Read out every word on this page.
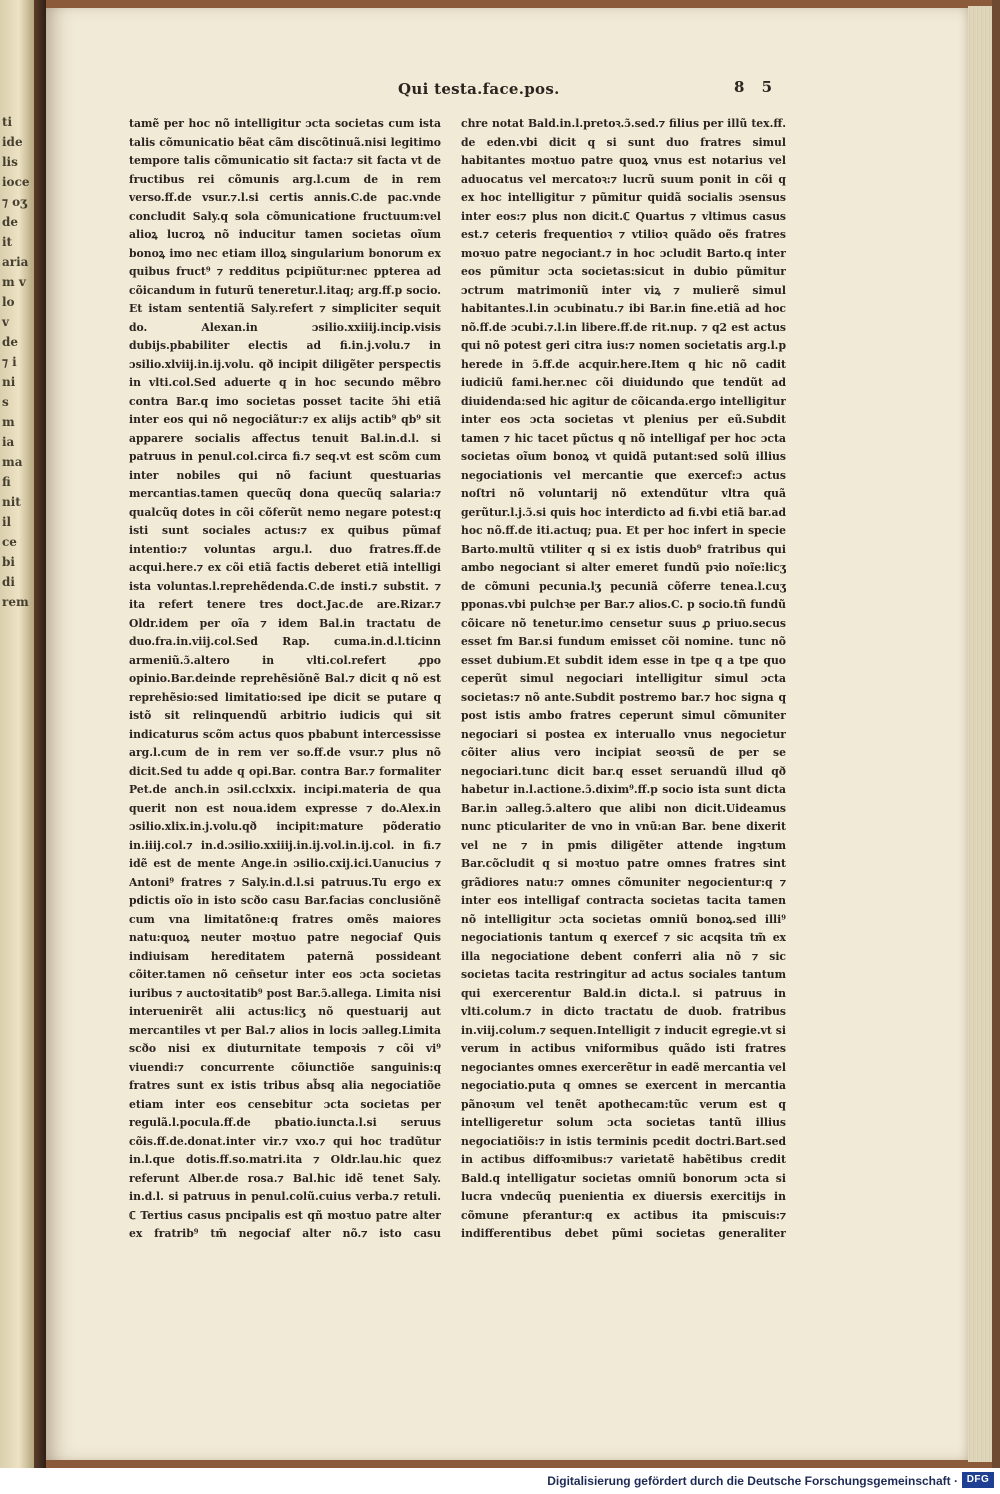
ti
ide
lis
ioce
⁊ oʒ
de
it
aria
m v
lo
v
de
⁊ i
ni
s
m
ia
ma
fi
nit
il
ce
bi
di
rem
Qui testa.face.pos.	8 5
tamẽ per hoc nõ intelligitur ɔcta societas cum ista talis cõmunicatio bẽat cãm discõtinuã.nisi legitimo tempore talis cõmunicatio sit facta:⁊ sit facta vt de fructibus rei cõmunis arg.l.cum de in rem verso.ff.de vsur.⁊.l.si certis annis.C.de pac.vnde concludit Saly.q sola cõmunicatione fructuum:vel alioꝝ lucroꝝ nõ inducitur tamen societas oĩum bonoꝝ imo nec etiam illoꝝ singularium bonorum ex quibus fruct⁹ ⁊ redditus pcipiũtur:nec ppterea ad cõicandum in futurũ teneretur.l.itaq; arg.ff.p socio. Et istam sententiã Saly.refert ⁊ simpliciter sequit do. Alexan.in ɔsilio.xxiiij.incip.visis dubijs.pbabiliter electis ad fi.in.j.volu.⁊ in ɔsilio.xlviij.in.ij.volu. qð incipit diligẽter perspectis in vlti.col.Sed aduerte q in hoc secundo mẽbro contra Bar.q imo societas posset tacite ɔ̃hi etiã inter eos qui nõ negociãtur:⁊ ex alijs actib⁹ qb⁹ sit apparere socialis affectus tenuit Bal.in.d.l. si patruus in penul.col.circa fi.⁊ seq.vt est scõm cum inter nobiles qui nõ faciunt questuarias mercantias.tamen quecũq dona quecũq salaria:⁊ qualcũq dotes in cõi cõferũt nemo negare potest:q isti sunt sociales actus:⁊ ex quibus pũmaf intentio:⁊ voluntas argu.l. duo fratres.ff.de acqui.here.⁊ ex cõi etiã factis deberet etiã intelligi ista voluntas.l.reprehẽdenda.C.de insti.⁊ substit. ⁊ ita refert tenere tres doct.Jac.de are.Rizar.⁊ Oldr.idem per oĩa ⁊ idem Bal.in tractatu de duo.fra.in.viij.col.Sed Rap. cuma.in.d.l.ticinn armeniũ.ɔ̃.altero in vlti.col.refert ꝓpo opinio.Bar.deinde reprehẽsiõnẽ Bal.⁊ dicit q nõ est reprehẽsio:sed limitatio:sed ipe dicit se putare q istõ sit relinquendũ arbitrio iudicis qui sit indicaturus scõm actus quos pbabunt intercessisse arg.l.cum de in rem ver so.ff.de vsur.⁊ plus nõ dicit.Sed tu adde q opi.Bar. contra Bar.⁊ formaliter Pet.de anch.in ɔsil.cclxxix. incipi.materia de qua querit non est noua.idem expresse ⁊ do.Alex.in ɔsilio.xlix.in.j.volu.qð incipit:mature põderatio in.iiij.col.⁊ in.d.ɔsilio.xxiiij.in.ij.vol.in.ij.col. in fi.⁊ idẽ est de mente Ange.in ɔsilio.cxij.ici.Uanucius ⁊ Antoni⁹ fratres ⁊ Saly.in.d.l.si patruus.Tu ergo ex pdictis oĩo in isto scðo casu Bar.facias conclusiõnẽ cum vna limitatõne:q fratres omẽs maiores natu:quoꝝ neuter moꝛtuo patre negociaf Quis indiuisam hereditatem paternã possideant cõiter.tamen nõ cen̄setur inter eos ɔcta societas iuribus ⁊ auctoꝛitatib⁹ post Bar.ɔ̃.allega. Limita nisi interuenirẽt alii actus:licʒ nõ questuarij aut mercantiles vt per Bal.⁊ alios in locis ɔalleg.Limita scðo nisi ex diuturnitate tempoꝛis ⁊ cõi vi⁹ viuendi:⁊ concurrente cõiunctiõe sanguinis:q fratres sunt ex istis tribus ab̃sq alia negociatiõe etiam inter eos censebitur ɔcta societas per regulã.l.pocula.ff.de pbatio.iuncta.l.si seruus cõis.ff.de.donat.inter vir.⁊ vxo.⁊ qui hoc tradũtur in.l.que dotis.ff.so.matri.ita ⁊ Oldr.lau.hic quez referunt Alber.de rosa.⁊ Bal.hic idẽ tenet Saly. in.d.l. si patruus in penul.colũ.cuius verba.⁊ retuli. ℂ Tertius casus pncipalis est qñ moꝛtuo patre alter ex fratrib⁹ tm̃ negociaf alter nõ.⁊ isto casu
chre notat Bald.in.l.pretoꝛ.ɔ̃.sed.⁊ filius per illũ tex.ff. de eden.vbi dicit q si sunt duo fratres simul habitantes moꝛtuo patre quoꝝ vnus est notarius vel aduocatus vel mercatoꝛ:⁊ lucrũ suum ponit in cõi q ex hoc intelligitur ⁊ pũmitur quidã socialis ɔsensus inter eos:⁊ plus non dicit.ℂ Quartus ⁊ vltimus casus est.⁊ ceteris frequentioꝛ ⁊ vtilioꝛ quãdo oẽs fratres moꝛuo patre negociant.⁊ in hoc ɔcludit Barto.q inter eos pũmitur ɔcta societas:sicut in dubio pũmitur ɔctrum matrimoniũ inter viꝝ ⁊ mulierẽ simul habitantes.l.in ɔcubinatu.⁊ ibi Bar.in fine.etiã ad hoc nõ.ff.de ɔcubi.⁊.l.in libere.ff.de rit.nup. ⁊ q2 est actus qui nõ potest geri citra ius:⁊ nomen societatis arg.l.p herede in ɔ̃.ff.de acquir.here.Item q hic nõ cadit iudiciũ fami.her.nec cõi diuidundo que tendũt ad diuidenda:sed hic agitur de cõicanda.ergo intelligitur inter eos ɔcta societas vt plenius per eũ.Subdit tamen ⁊ hic tacet pũctus q nõ intelligaf per hoc ɔcta societas oĩum bonoꝝ vt quidã putant:sed solũ illius negociationis vel mercantie que exercef:ɔ actus noſtri nõ voluntarij nõ extendũtur vltra quã gerũtur.l.j.ɔ̃.si quis hoc interdicto ad fi.vbi etiã bar.ad hoc nõ.ff.de iti.actuq; pua. Et per hoc infert in specie Barto.multũ vtiliter q si ex istis duob⁹ fratribus qui ambo negociant si alter emeret fundũ pꝛio noĩe:licʒ de cõmuni pecunia.lʒ pecuniã cõferre tenea.l.cuʒ pponas.vbi pulchꝛe per Bar.⁊ alios.C. p socio.tñ fundũ cõicare nõ tenetur.imo censetur suus ꝓ priuo.secus esset fm Bar.si fundum emisset cõi nomine. tunc nõ esset dubium.Et subdit idem esse in tpe q a tpe quo ceperũt simul negociari intelligitur simul ɔcta societas:⁊ nõ ante.Subdit postremo bar.⁊ hoc signa q post istis ambo fratres ceperunt simul cõmuniter negociari si postea ex interuallo vnus negocietur cõiter alius vero incipiat seoꝛsũ de per se negociari.tunc dicit bar.q esset seruandũ illud qð habetur in.l.actione.ɔ̃.dixim⁹.ff.p socio ista sunt dicta Bar.in ɔalleg.ɔ̃.altero que alibi non dicit.Uideamus nunc pticulariter de vno in vnũ:an Bar. bene dixerit vel ne ⁊ in pmis diligẽter attende ingꝛtum Bar.cõcludit q si moꝛtuo patre omnes fratres sint grãdiores natu:⁊ omnes cõmuniter negocientur:q ⁊ inter eos intelligaf contracta societas tacita tamen nõ intelligitur ɔcta societas omniũ bonoꝝ.sed illi⁹ negociationis tantum q exercef ⁊ sic acqsita tm̃ ex illa negociatione debent conferri alia nõ ⁊ sic societas tacita restringitur ad actus sociales tantum qui exercerentur Bald.in dicta.l. si patruus in vlti.colum.⁊ in dicto tractatu de duob. fratribus in.viij.colum.⁊ sequen.Intelligit ⁊ inducit egregie.vt si verum in actibus vniformibus quãdo isti fratres negociantes omnes exercerẽtur in eadẽ mercantia vel negociatio.puta q omnes se exercent in mercantia pãnoꝛum vel tenẽt apothecam:tũc verum est q intelligeretur solum ɔcta societas tantũ illius negociatiõis:⁊ in istis terminis pcedit doctri.Bart.sed in actibus diffoꝛmibus:⁊ varietatẽ habẽtibus credit Bald.q intelligatur societas omniũ bonorum ɔcta si lucra vndecũq puenientia ex diuersis exercitijs in cõmune pferantur:q ex actibus ita pmiscuis:⁊ indifferentibus debet pũmi societas generaliter
Digitalisierung gefördert durch die Deutsche Forschungsgemeinschaft · DFG
